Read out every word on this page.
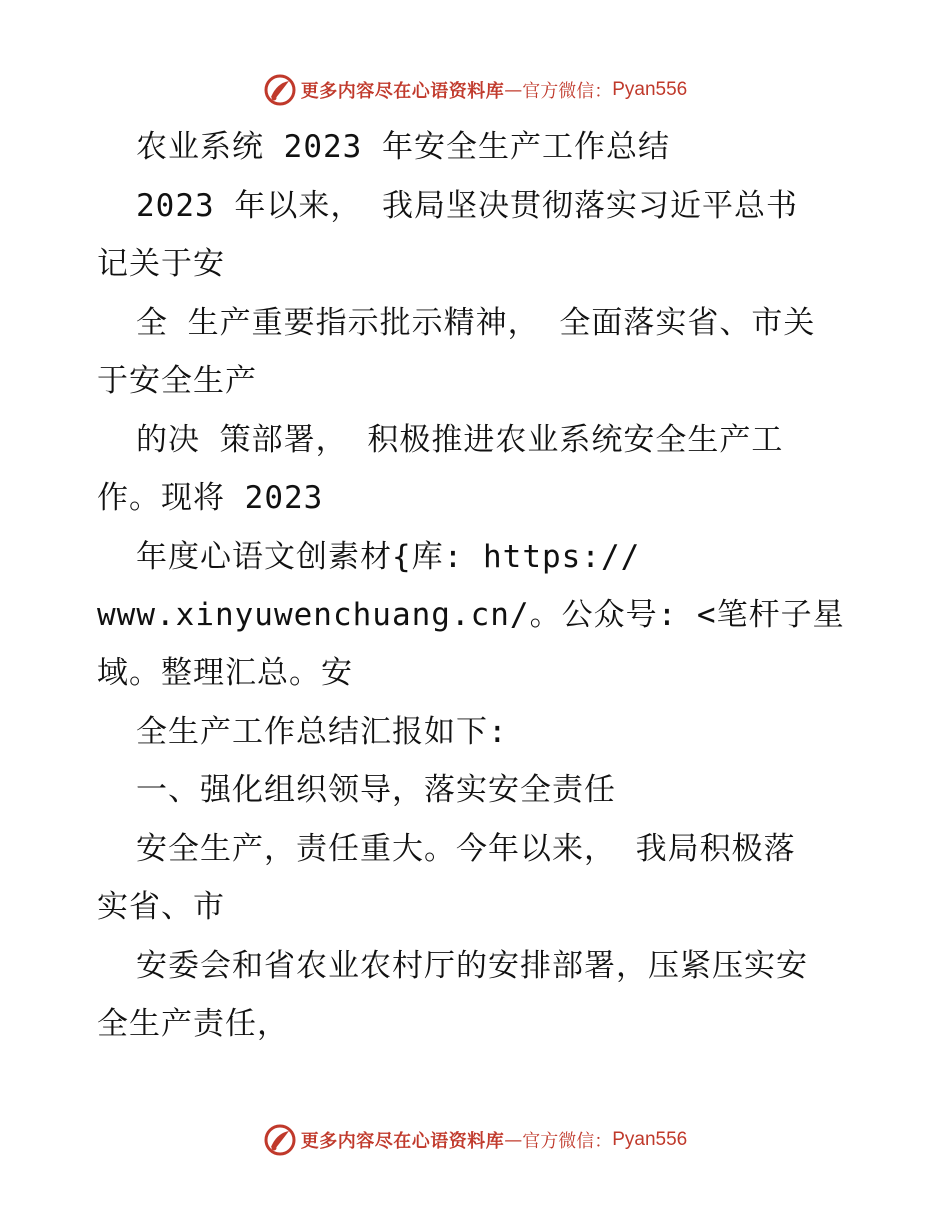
更多内容尽在心语资料库 — 官方微信： Pyan556
农业系统 2023 年安全生产工作总结
2023 年以来， 我局坚决贯彻落实习近平总书
记关于安
全 生产重要指示批示精神， 全面落实省、市关
于安全生产
的决 策部署， 积极推进农业系统安全生产工
作。现将 2023
年度心语文创素材{库: https://
www.xinyuwenchuang.cn/。公众号: <笔杆子星
域。整理汇总。安
全生产工作总结汇报如下:
一、强化组织领导，落实安全责任
安全生产，责任重大。今年以来， 我局积极落
实省、市
安委会和省农业农村厅的安排部署，压紧压实安
全生产责任，
更多内容尽在心语资料库 — 官方微信： Pyan556
